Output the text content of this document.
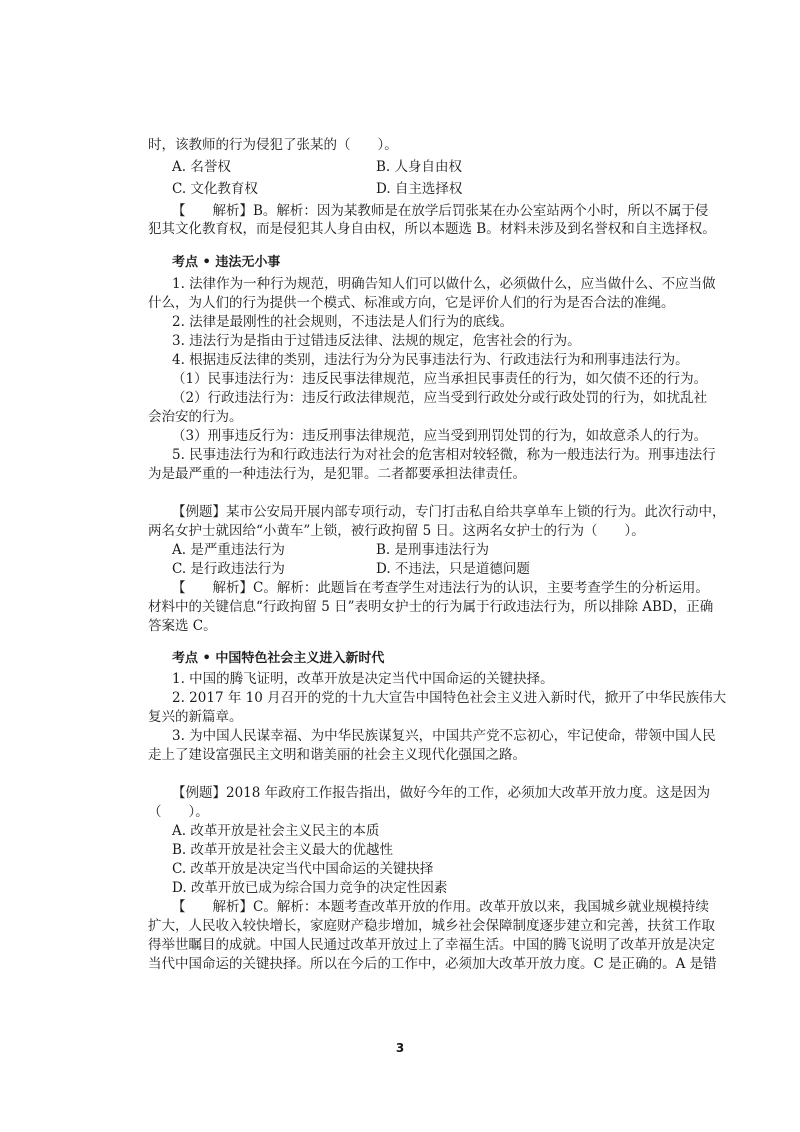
时，该教师的行为侵犯了张某的（　　）。
A. 名誉权	B. 人身自由权
C. 文化教育权	D. 自主选择权
【　　解析】B。解析：因为某教师是在放学后罚张某在办公室站两个小时，所以不属于侵
犯其文化教育权，而是侵犯其人身自由权，所以本题选 B。材料未涉及到名誉权和自主选择权。
考点 • 违法无小事
1. 法律作为一种行为规范，明确告知人们可以做什么，必须做什么，应当做什么、不应当做
什么，为人们的行为提供一个模式、标准或方向，它是评价人们的行为是否合法的准绳。
2. 法律是最刚性的社会规则，不违法是人们行为的底线。
3. 违法行为是指由于过错违反法律、法规的规定，危害社会的行为。
4. 根据违反法律的类别，违法行为分为民事违法行为、行政违法行为和刑事违法行为。
（1）民事违法行为：违反民事法律规范，应当承担民事责任的行为，如欠债不还的行为。
（2）行政违法行为：违反行政法律规范，应当受到行政处分或行政处罚的行为，如扰乱社
会治安的行为。
（3）刑事违反行为：违反刑事法律规范，应当受到刑罚处罚的行为，如故意杀人的行为。
5. 民事违法行为和行政违法行为对社会的危害相对较轻微，称为一般违法行为。刑事违法行
为是最严重的一种违法行为，是犯罪。二者都要承担法律责任。
【例题】某市公安局开展内部专项行动，专门打击私自给共享单车上锁的行为。此次行动中，
两名女护士就因给“小黄车”上锁，被行政拘留 5 日。这两名女护士的行为（　　）。
A. 是严重违法行为	B. 是刑事违法行为
C. 是行政违法行为	D. 不违法，只是道德问题
【　　解析】C。解析：此题旨在考查学生对违法行为的认识，主要考查学生的分析运用。
材料中的关键信息“行政拘留 5 日”表明女护士的行为属于行政违法行为，所以排除 ABD，正确
答案选 C。
考点 • 中国特色社会主义进入新时代
1. 中国的腾飞证明，改革开放是决定当代中国命运的关键抉择。
2. 2017 年 10 月召开的党的十九大宣告中国特色社会主义进入新时代，掀开了中华民族伟大
复兴的新篇章。
3. 为中国人民谋幸福、为中华民族谋复兴，中国共产党不忘初心，牢记使命，带领中国人民
走上了建设富强民主文明和谐美丽的社会主义现代化强国之路。
【例题】2018 年政府工作报告指出，做好今年的工作，必须加大改革开放力度。这是因为
（　　）。
A. 改革开放是社会主义民主的本质
B. 改革开放是社会主义最大的优越性
C. 改革开放是决定当代中国命运的关键抉择
D. 改革开放已成为综合国力竞争的决定性因素
【　　解析】C。解析：本题考查改革开放的作用。改革开放以来，我国城乡就业规模持续
扩大，人民收入较快增长，家庭财产稳步增加，城乡社会保障制度逐步建立和完善，扶贫工作取
得举世瞩目的成就。中国人民通过改革开放过上了幸福生活。中国的腾飞说明了改革开放是决定
当代中国命运的关键抉择。所以在今后的工作中，必须加大改革开放力度。C 是正确的。A 是错
3
